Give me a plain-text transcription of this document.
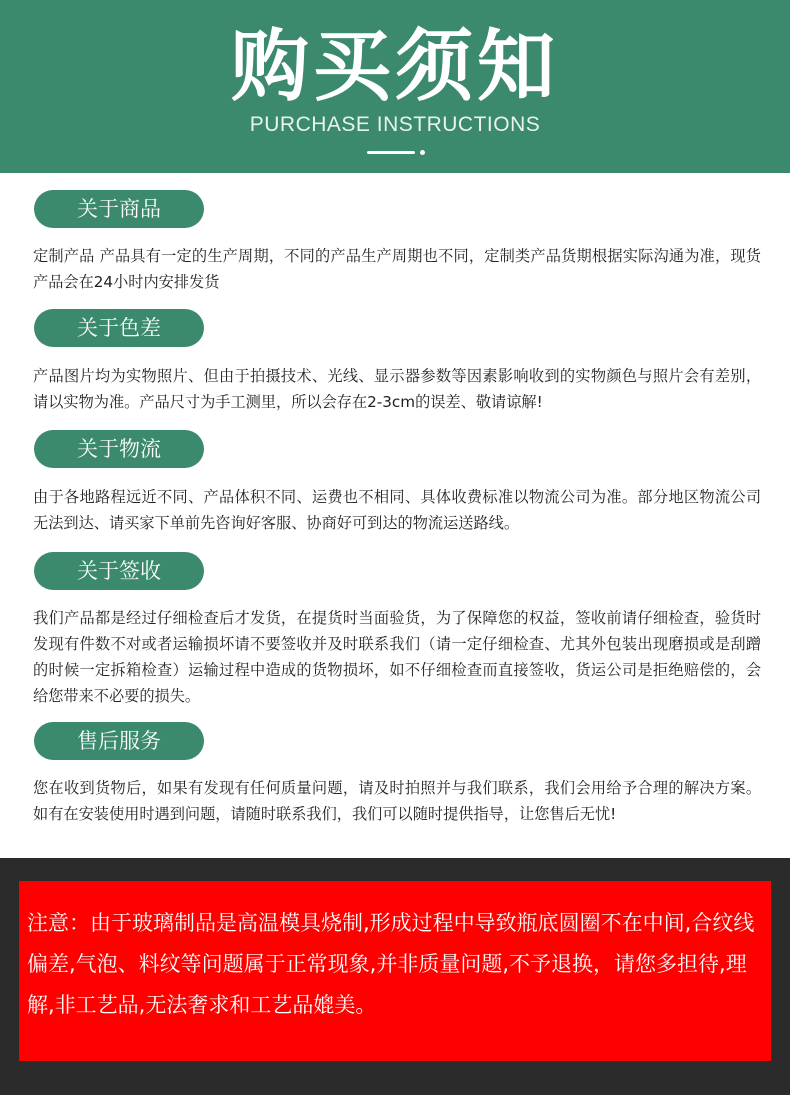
购买须知
PURCHASE INSTRUCTIONS
关于商品
定制产品 产品具有一定的生产周期，不同的产品生产周期也不同，定制类产品货期根据实际沟通为准，现货产品会在24小时内安排发货
关于色差
产品图片均为实物照片、但由于拍摄技术、光线、显示器参数等因素影响收到的实物颜色与照片会有差别，请以实物为准。产品尺寸为手工测里，所以会存在2-3cm的误差、敬请谅解!
关于物流
由于各地路程远近不同、产品体积不同、运费也不相同、具体收费标准以物流公司为准。部分地区物流公司无法到达、请买家下单前先咨询好客服、协商好可到达的物流运送路线。
关于签收
我们产品都是经过仔细检查后才发货，在提货时当面验货，为了保障您的权益，签收前请仔细检查，验货时发现有件数不对或者运输损坏请不要签收并及时联系我们（请一定仔细检查、尤其外包装出现磨损或是刮蹭的时候一定拆箱检查）运输过程中造成的货物损坏，如不仔细检查而直接签收，货运公司是拒绝赔偿的，会给您带来不必要的损失。
售后服务
您在收到货物后，如果有发现有任何质量问题，请及时拍照并与我们联系，我们会用给予合理的解决方案。如有在安装使用时遇到问题，请随时联系我们，我们可以随时提供指导，让您售后无忧!
注意：由于玻璃制品是高温模具烧制,形成过程中导致瓶底圆圈不在中间,合纹线偏差,气泡、料纹等问题属于正常现象,并非质量问题,不予退换，请您多担待,理解,非工艺品,无法奢求和工艺品媲美。
